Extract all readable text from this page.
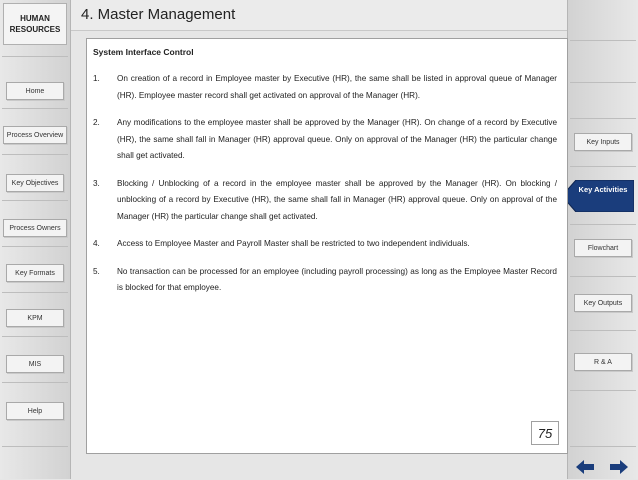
HUMAN
RESOURCES
Home
Process Overview
Key Objectives
Process Owners
Key Formats
KPM
MIS
Help
4. Master Management
Key Inputs
Key Activities
Flowchart
Key Outputs
R & A
System Interface Control
1. On creation of a record in Employee master by Executive (HR), the same shall be listed in approval queue of Manager (HR). Employee master record shall get activated on approval of the Manager (HR).
2. Any modifications to the employee master shall be approved by the Manager (HR). On change of a record by Executive (HR), the same shall fall in Manager (HR) approval queue. Only on approval of the Manager (HR) the particular change shall get activated.
3. Blocking / Unblocking of a record in the employee master shall be approved by the Manager (HR). On blocking / unblocking of a record by Executive (HR), the same shall fall in Manager (HR) approval queue. Only on approval of the Manager (HR) the particular change shall get activated.
4. Access to Employee Master and Payroll Master shall be restricted to two independent individuals.
5. No transaction can be processed for an employee (including payroll processing) as long as the Employee Master Record is blocked for that employee.
75
